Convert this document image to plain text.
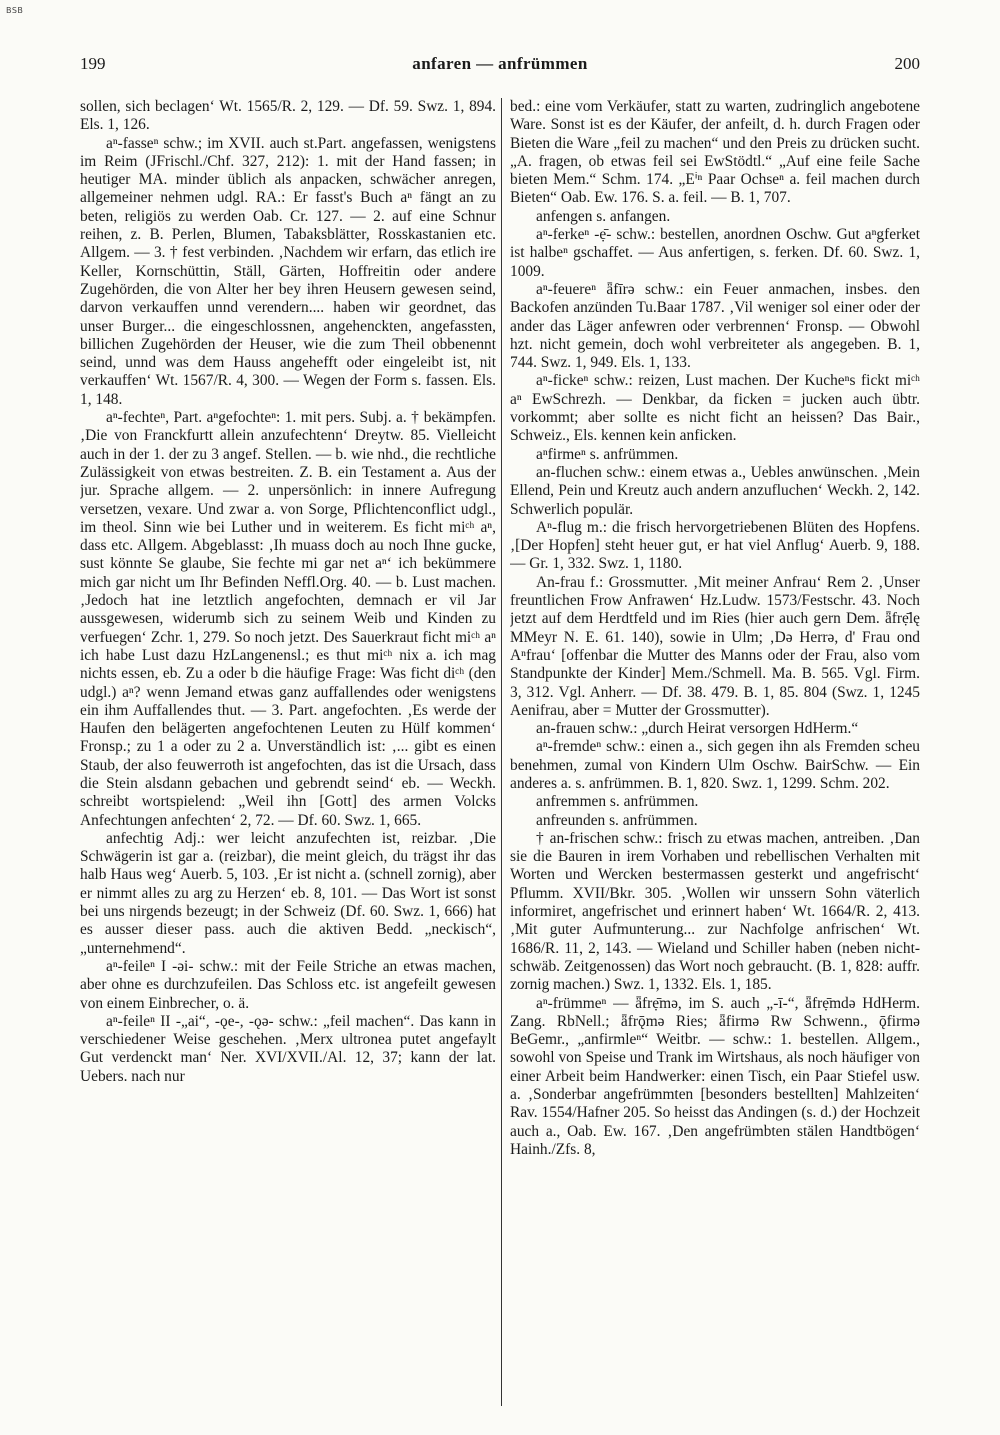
BSB
199	anfaren — anfrümmen	200

sollen, sich beclagen‘ Wt. 1565/R. 2, 129. — Df. 59. Swz. 1, 894. Els. 1, 126.

aⁿ-fasseⁿ schw.; im XVII. auch st.Part. angefassen, wenigstens im Reim (JFrischl./Chf. 327, 212): 1. mit der Hand fassen; in heutiger MA. minder üblich als anpacken, schwächer anregen, allgemeiner nehmen udgl. RA.: Er fasst's Buch aⁿ fängt an zu beten, religiös zu werden Oab. Cr. 127. — 2. auf eine Schnur reihen, z. B. Perlen, Blumen, Tabaksblätter, Rosskastanien etc. Allgem. — 3. † fest verbinden. ‚Nachdem wir erfarn, das etlich ire Keller, Kornschüttin, Ställ, Gärten, Hoffreitin oder andere Zugehörden, die von Alter her bey ihren Heusern gewesen seind, darvon verkauffen unnd verendern.... haben wir geordnet, das unser Burger... die eingeschlossnen, angehenckten, angefassten, billichen Zugehörden der Heuser, wie die zum Theil obbenennt seind, unnd was dem Hauss angehefft oder eingeleibt ist, nit verkauffen‘ Wt. 1567/R. 4, 300. — Wegen der Form s. fassen. Els. 1, 148.

aⁿ-fechteⁿ, Part. aⁿgefochteⁿ: 1. mit pers. Subj. a. † bekämpfen. ‚Die von Franckfurtt allein anzufechtenn‘ Dreytw. 85. Vielleicht auch in der 1. der zu 3 angef. Stellen. — b. wie nhd., die rechtliche Zulässigkeit von etwas bestreiten. Z. B. ein Testament a. Aus der jur. Sprache allgem. — 2. unpersönlich: in innere Aufregung versetzen, vexare. Und zwar a. von Sorge, Pflichtenconflict udgl., im theol. Sinn wie bei Luther und in weiterem. Es ficht miᶜʰ aⁿ, dass etc. Allgem. Abgeblasst: ‚Ih muass doch au noch Ihne gucke, sust könnte Se glaube, Sie fechte mi gar net aⁿ‘ ich bekümmere mich gar nicht um Ihr Befinden Neffl.Org. 40. — b. Lust machen. ‚Jedoch hat ine letztlich angefochten, demnach er vil Jar aussgewesen, widerumb sich zu seinem Weib und Kinden zu verfuegen‘ Zchr. 1, 279. So noch jetzt. Des Sauerkraut ficht miᶜʰ aⁿ ich habe Lust dazu HzLangenensl.; es thut miᶜʰ nix a. ich mag nichts essen, eb. Zu a oder b die häufige Frage: Was ficht diᶜʰ (den udgl.) aⁿ? wenn Jemand etwas ganz auffallendes oder wenigstens ein ihm Auffallendes thut. — 3. Part. angefochten. ‚Es werde der Haufen den belägerten angefochtenen Leuten zu Hülf kommen‘ Fronsp.; zu 1 a oder zu 2 a. Unverständlich ist: ‚... gibt es einen Staub, der also feuwerroth ist angefochten, das ist die Ursach, dass die Stein alsdann gebachen und gebrendt seind‘ eb. — Weckh. schreibt wortspielend: „Weil ihn [Gott] des armen Volcks Anfechtungen anfechten‘ 2, 72. — Df. 60. Swz. 1, 665.

anfechtig Adj.: wer leicht anzufechten ist, reizbar. ‚Die Schwägerin ist gar a. (reizbar), die meint gleich, du trägst ihr das halb Haus weg‘ Auerb. 5, 103. ‚Er ist nicht a. (schnell zornig), aber er nimmt alles zu arg zu Herzen‘ eb. 8, 101. — Das Wort ist sonst bei uns nirgends bezeugt; in der Schweiz (Df. 60. Swz. 1, 666) hat es ausser dieser pass. auch die aktiven Bedd. „neckisch“, „unternehmend“.

aⁿ-feileⁿ I -əi- schw.: mit der Feile Striche an etwas machen, aber ohne es durchzufeilen. Das Schloss etc. ist angefeilt gewesen von einem Einbrecher, o. ä.

aⁿ-feileⁿ II -„ai“, -ǫe-, -ǫə- schw.: „feil machen“. Das kann in verschiedener Weise geschehen. ‚Merx ultronea putet angefaylt Gut verdenckt man‘ Ner. XVI/XVII./Al. 12, 37; kann der lat. Uebers. nach nur

bed.: eine vom Verkäufer, statt zu warten, zudringlich angebotene Ware. Sonst ist es der Käufer, der anfeilt, d. h. durch Fragen oder Bieten die Ware „feil zu machen“ und den Preis zu drücken sucht. „A. fragen, ob etwas feil sei EwStödtl.“ „Auf eine feile Sache bieten Mem.“ Schm. 174. „Eⁱⁿ Paar Ochseⁿ a. feil machen durch Bieten“ Oab. Ew. 176. S. a. feil. — B. 1, 707.

anfengen s. anfangen.

aⁿ-ferkeⁿ -ẹ̄- schw.: bestellen, anordnen Oschw. Gut aⁿgferket ist halbeⁿ gschaffet. — Aus anfertigen, s. ferken. Df. 60. Swz. 1, 1009.

aⁿ-feuereⁿ ǟfīrə schw.: ein Feuer anmachen, insbes. den Backofen anzünden Tu.Baar 1787. ‚Vil weniger sol einer oder der ander das Läger anfewren oder verbrennen‘ Fronsp. — Obwohl hzt. nicht gemein, doch wohl verbreiteter als angegeben. B. 1, 744. Swz. 1, 949. Els. 1, 133.

aⁿ-fickeⁿ schw.: reizen, Lust machen. Der Kucheⁿs fickt miᶜʰ aⁿ EwSchrezh. — Denkbar, da ficken = jucken auch übtr. vorkommt; aber sollte es nicht ficht an heissen? Das Bair., Schweiz., Els. kennen kein anficken.

aⁿfirmeⁿ s. anfrümmen.

an-fluchen schw.: einem etwas a., Uebles anwünschen. ‚Mein Ellend, Pein und Kreutz auch andern anzufluchen‘ Weckh. 2, 142. Schwerlich populär.

Aⁿ-flug m.: die frisch hervorgetriebenen Blüten des Hopfens. ‚[Der Hopfen] steht heuer gut, er hat viel Anflug‘ Auerb. 9, 188. — Gr. 1, 332. Swz. 1, 1180.

An-frau f.: Grossmutter. ‚Mit meiner Anfrau‘ Rem 2. ‚Unser freuntlichen Frow Anfrawen‘ Hz.Ludw. 1573/Festschr. 43. Noch jetzt auf dem Herdtfeld und im Ries (hier auch gern Dem. ǟfrẹ̄lę MMeyr N. E. 61. 140), sowie in Ulm; ‚Də Herrə, d' Frau ond Aⁿfrau‘ [offenbar die Mutter des Manns oder der Frau, also vom Standpunkte der Kinder] Mem./Schmell. Ma. B. 565. Vgl. Firm. 3, 312. Vgl. Anherr. — Df. 38. 479. B. 1, 85. 804 (Swz. 1, 1245 Aenifrau, aber = Mutter der Grossmutter).

an-frauen schw.: „durch Heirat versorgen HdHerm.“

aⁿ-fremdeⁿ schw.: einen a., sich gegen ihn als Fremden scheu benehmen, zumal von Kindern Ulm Oschw. BairSchw. — Ein anderes a. s. anfrümmen. B. 1, 820. Swz. 1, 1299. Schm. 202.

anfremmen s. anfrümmen.

anfreunden s. anfrümmen.

† an-frischen schw.: frisch zu etwas machen, antreiben. ‚Dan sie die Bauren in irem Vorhaben und rebellischen Verhalten mit Worten und Wercken bestermassen gesterkt und angefrischt‘ Pflumm. XVII/Bkr. 305. ‚Wollen wir unssern Sohn väterlich informiret, angefrischet und erinnert haben‘ Wt. 1664/R. 2, 413. ‚Mit guter Aufmunterung... zur Nachfolge anfrischen‘ Wt. 1686/R. 11, 2, 143. — Wieland und Schiller haben (neben nicht-schwäb. Zeitgenossen) das Wort noch gebraucht. (B. 1, 828: auffr. zornig machen.) Swz. 1, 1332. Els. 1, 185.

aⁿ-frümmeⁿ — ǟfrẹ̄mə, im S. auch „-ī-“, ǟfrẹ̄mdə HdHerm. Zang. RbNell.; ǟfrǭmə Ries; ǟfirmə Rw Schwenn., ǭfirmə BeGemr., „anfirmleⁿ“ Weitbr. — schw.: 1. bestellen. Allgem., sowohl von Speise und Trank im Wirtshaus, als noch häufiger von einer Arbeit beim Handwerker: einen Tisch, ein Paar Stiefel usw. a. ‚Sonderbar angefrümmten [besonders bestellten] Mahlzeiten‘ Rav. 1554/Hafner 205. So heisst das Andingen (s. d.) der Hochzeit auch a., Oab. Ew. 167. ‚Den angefrümbten stälen Handtbögen‘ Hainh./Zfs. 8,
